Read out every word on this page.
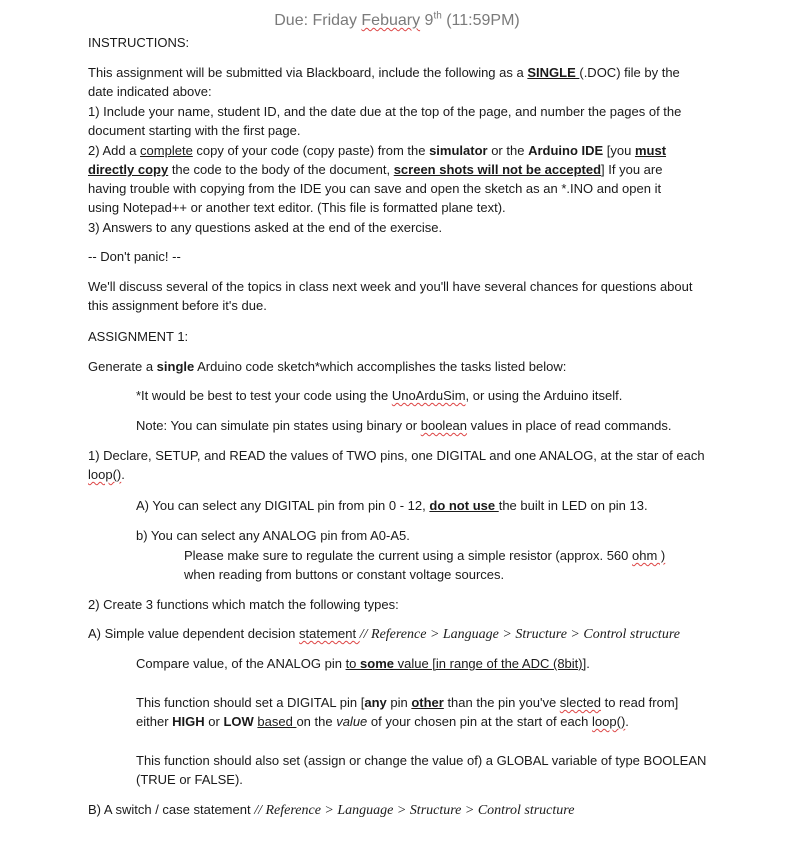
Due: Friday Febuary 9th (11:59PM)
INSTRUCTIONS:
This assignment will be submitted via Blackboard, include the following as a SINGLE (.DOC) file by the
date indicated above:
1) Include your name, student ID, and the date due at the top of the page, and number the pages of the
document starting with the first page.
2) Add a complete copy of your code (copy paste) from the simulator or the Arduino IDE [you must
directly copy the code to the body of the document, screen shots will not be accepted] If you are
having trouble with copying from the IDE you can save and open the sketch as an *.INO and open it
using Notepad++ or another text editor. (This file is formatted plane text).
3) Answers to any questions asked at the end of the exercise.
-- Don't panic! --
We'll discuss several of the topics in class next week and you'll have several chances for questions about
this assignment before it's due.
ASSIGNMENT 1:
Generate a single Arduino code sketch*which accomplishes the tasks listed below:
*It would be best to test your code using the UnoArduSim, or using the Arduino itself.
Note: You can simulate pin states using binary or boolean values in place of read commands.
1) Declare, SETUP, and READ the values of TWO pins, one DIGITAL and one ANALOG, at the star of each
loop().
A) You can select any DIGITAL pin from pin 0 - 12, do not use the built in LED on pin 13.
b) You can select any ANALOG pin from A0-A5.
Please make sure to regulate the current using a simple resistor (approx. 560 ohm )
when reading from buttons or constant voltage sources.
2) Create 3 functions which match the following types:
A) Simple value dependent decision statement // Reference > Language > Structure > Control structure
Compare value, of the ANALOG pin to some value [in range of the ADC (8bit)].
This function should set a DIGITAL pin [any pin other than the pin you've slected to read from]
either HIGH or LOW based on the value of your chosen pin at the start of each loop().
This function should also set (assign or change the value of) a GLOBAL variable of type BOOLEAN
(TRUE or FALSE).
B) A switch / case statement // Reference > Language > Structure > Control structure
